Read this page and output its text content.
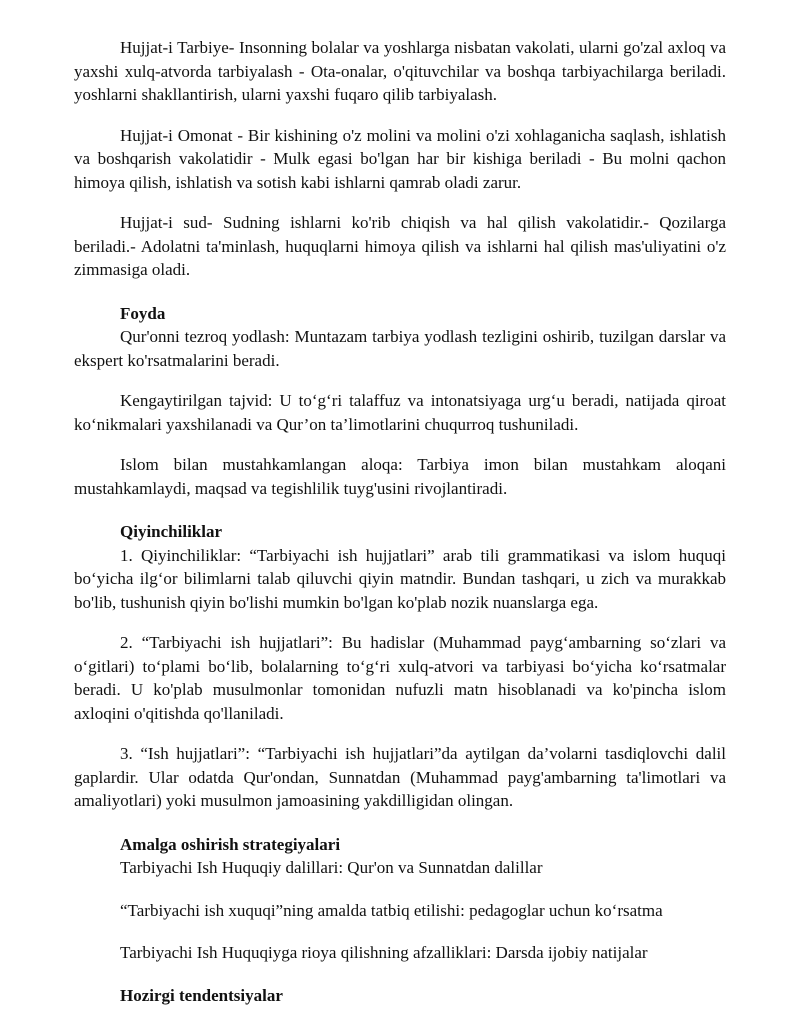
Hujjat-i Tarbiye- Insonning bolalar va yoshlarga nisbatan vakolati, ularni go'zal axloq va yaxshi xulq-atvorda tarbiyalash - Ota-onalar, o'qituvchilar va boshqa tarbiyachilarga beriladi. yoshlarni shakllantirish, ularni yaxshi fuqaro qilib tarbiyalash.

Hujjat-i Omonat - Bir kishining o'z molini va molini o'zi xohlaganicha saqlash, ishlatish va boshqarish vakolatidir - Mulk egasi bo'lgan har bir kishiga beriladi - Bu molni qachon himoya qilish, ishlatish va sotish kabi ishlarni qamrab oladi zarur.

Hujjat-i sud- Sudning ishlarni ko'rib chiqish va hal qilish vakolatidir.- Qozilarga beriladi.- Adolatni ta'minlash, huquqlarni himoya qilish va ishlarni hal qilish mas'uliyatini o'z zimmasiga oladi.

Foyda

Qur'onni tezroq yodlash: Muntazam tarbiya yodlash tezligini oshirib, tuzilgan darslar va ekspert ko'rsatmalarini beradi.

Kengaytirilgan tajvid: U to‘g‘ri talaffuz va intonatsiyaga urg‘u beradi, natijada qiroat ko‘nikmalari yaxshilanadi va Qur’on ta’limotlarini chuqurroq tushuniladi.

Islom bilan mustahkamlangan aloqa: Tarbiya imon bilan mustahkam aloqani mustahkamlaydi, maqsad va tegishlilik tuyg'usini rivojlantiradi.

Qiyinchiliklar

1. Qiyinchiliklar: “Tarbiyachi ish hujjatlari” arab tili grammatikasi va islom huquqi bo‘yicha ilg‘or bilimlarni talab qiluvchi qiyin matndir. Bundan tashqari, u zich va murakkab bo'lib, tushunish qiyin bo'lishi mumkin bo'lgan ko'plab nozik nuanslarga ega.

2. “Tarbiyachi ish hujjatlari”: Bu hadislar (Muhammad payg‘ambarning so‘zlari va o‘gitlari) to‘plami bo‘lib, bolalarning to‘g‘ri xulq-atvori va tarbiyasi bo‘yicha ko‘rsatmalar beradi. U ko'plab musulmonlar tomonidan nufuzli matn hisoblanadi va ko'pincha islom axloqini o'qitishda qo'llaniladi.

3. “Ish hujjatlari”: “Tarbiyachi ish hujjatlari”da aytilgan da’volarni tasdiqlovchi dalil gaplardir. Ular odatda Qur'ondan, Sunnatdan (Muhammad payg'ambarning ta'limotlari va amaliyotlari) yoki musulmon jamoasining yakdilligidan olingan.

Amalga oshirish strategiyalari
Tarbiyachi Ish Huquqiy dalillari: Qur'on va Sunnatdan dalillar
“Tarbiyachi ish xuquqi”ning amalda tatbiq etilishi: pedagoglar uchun ko‘rsatma
Tarbiyachi Ish Huquqiyga rioya qilishning afzalliklari: Darsda ijobiy natijalar
Hozirgi tendentsiyalar
